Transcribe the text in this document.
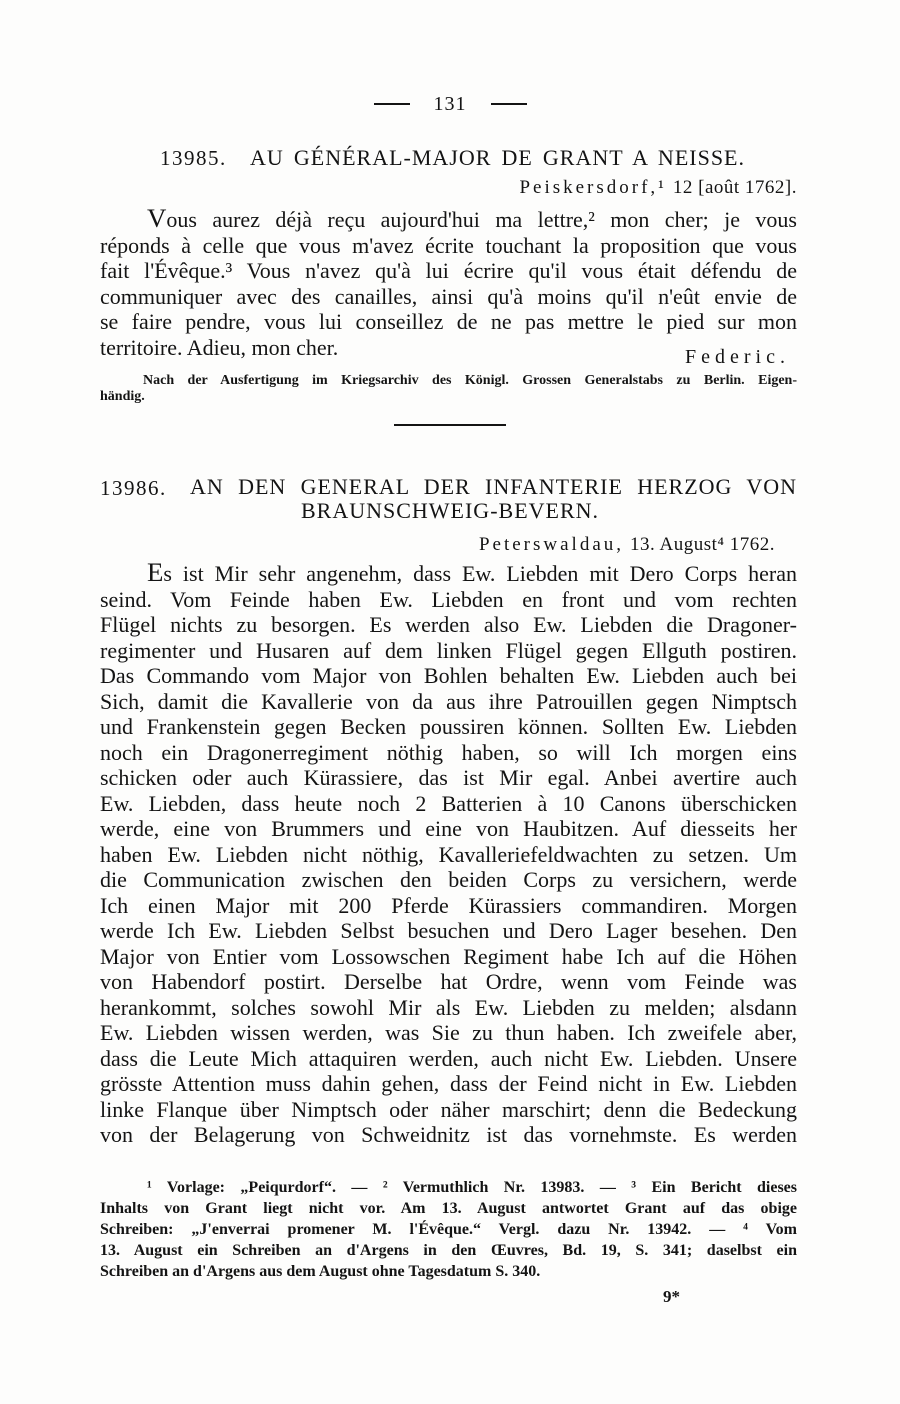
131
13985. AU GÉNÉRAL-MAJOR DE GRANT A NEISSE.
Peiskersdorf,¹ 12 [août 1762].
Vous aurez déjà reçu aujourd'hui ma lettre,² mon cher; je vous
réponds à celle que vous m'avez écrite touchant la proposition que vous
fait l'Évêque.³ Vous n'avez qu'à lui écrire qu'il vous était défendu de
communiquer avec des canailles, ainsi qu'à moins qu'il n'eût envie de
se faire pendre, vous lui conseillez de ne pas mettre le pied sur mon
territoire. Adieu, mon cher.	Federic.
Nach der Ausfertigung im Kriegsarchiv des Königl. Grossen Generalstabs zu Berlin. Eigen-
händig.
13986. AN DEN GENERAL DER INFANTERIE HERZOG VON
BRAUNSCHWEIG-BEVERN.
Peterswaldau, 13. August⁴ 1762.
Es ist Mir sehr angenehm, dass Ew. Liebden mit Dero Corps heran
seind. Vom Feinde haben Ew. Liebden en front und vom rechten
Flügel nichts zu besorgen. Es werden also Ew. Liebden die Dragoner-
regimenter und Husaren auf dem linken Flügel gegen Ellguth postiren.
Das Commando vom Major von Bohlen behalten Ew. Liebden auch bei
Sich, damit die Kavallerie von da aus ihre Patrouillen gegen Nimptsch
und Frankenstein gegen Becken poussiren können. Sollten Ew. Liebden
noch ein Dragonerregiment nöthig haben, so will Ich morgen eins
schicken oder auch Kürassiere, das ist Mir egal. Anbei avertire auch
Ew. Liebden, dass heute noch 2 Batterien à 10 Canons überschicken
werde, eine von Brummers und eine von Haubitzen. Auf diesseits her
haben Ew. Liebden nicht nöthig, Kavalleriefeldwachten zu setzen. Um
die Communication zwischen den beiden Corps zu versichern, werde
Ich einen Major mit 200 Pferde Kürassiers commandiren. Morgen
werde Ich Ew. Liebden Selbst besuchen und Dero Lager besehen. Den
Major von Entier vom Lossowschen Regiment habe Ich auf die Höhen
von Habendorf postirt. Derselbe hat Ordre, wenn vom Feinde was
herankommt, solches sowohl Mir als Ew. Liebden zu melden; alsdann
Ew. Liebden wissen werden, was Sie zu thun haben. Ich zweifele aber,
dass die Leute Mich attaquiren werden, auch nicht Ew. Liebden. Unsere
grösste Attention muss dahin gehen, dass der Feind nicht in Ew. Liebden
linke Flanque über Nimptsch oder näher marschirt; denn die Bedeckung
von der Belagerung von Schweidnitz ist das vornehmste. Es werden
¹ Vorlage: „Peiqurdorf“. — ² Vermuthlich Nr. 13983. — ³ Ein Bericht dieses
Inhalts von Grant liegt nicht vor. Am 13. August antwortet Grant auf das obige
Schreiben: „J'enverrai promener M. l'Évêque.“ Vergl. dazu Nr. 13942. — ⁴ Vom
13. August ein Schreiben an d'Argens in den Œuvres, Bd. 19, S. 341; daselbst ein
Schreiben an d'Argens aus dem August ohne Tagesdatum S. 340.
9*
